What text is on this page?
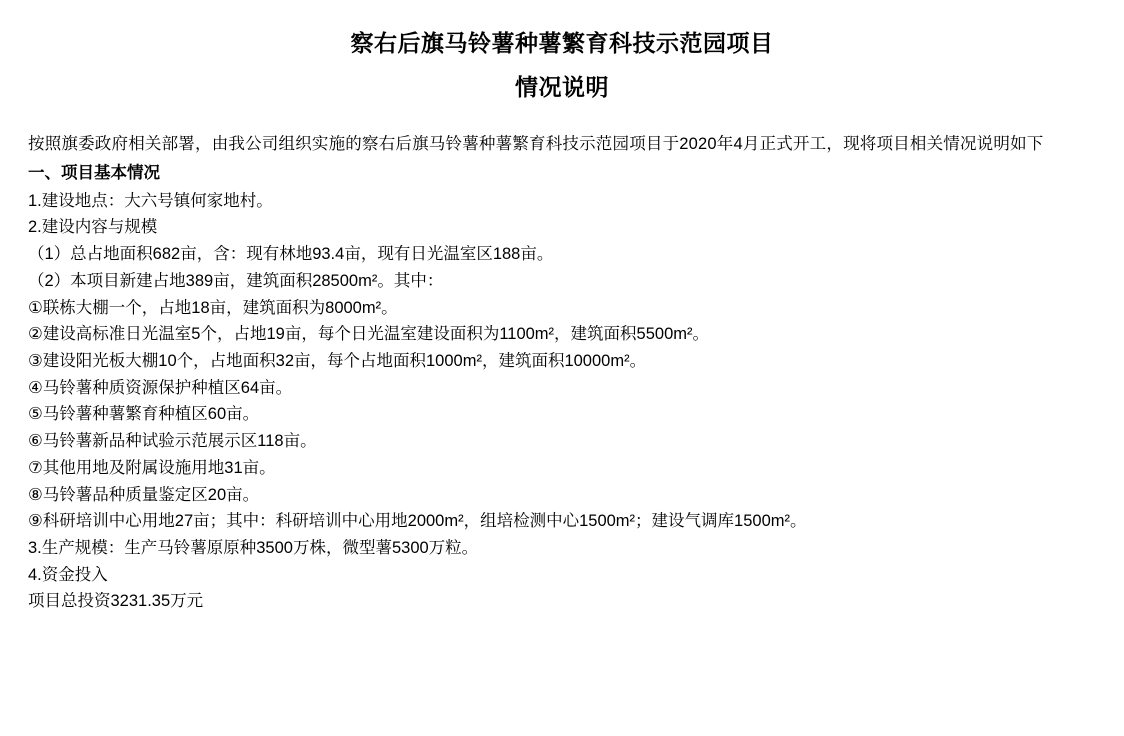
察右后旗马铃薯种薯繁育科技示范园项目
情况说明
按照旗委政府相关部署，由我公司组织实施的察右后旗马铃薯种薯繁育科技示范园项目于2020年4月正式开工，现将项目相关情况说明如下
一、项目基本情况
1.建设地点：大六号镇何家地村。
2.建设内容与规模
（1）总占地面积682亩，含：现有林地93.4亩，现有日光温室区188亩。
（2）本项目新建占地389亩，建筑面积28500m²。其中：
①联栋大棚一个，占地18亩，建筑面积为8000m²。
②建设高标准日光温室5个，占地19亩，每个日光温室建设面积为1100m²，建筑面积5500m²。
③建设阳光板大棚10个，占地面积32亩，每个占地面积1000m²，建筑面积10000m²。
④马铃薯种质资源保护种植区64亩。
⑤马铃薯种薯繁育种植区60亩。
⑥马铃薯新品种试验示范展示区118亩。
⑦其他用地及附属设施用地31亩。
⑧马铃薯品种质量鉴定区20亩。
⑨科研培训中心用地27亩；其中：科研培训中心用地2000m²，组培检测中心1500m²；建设气调库1500m²。
3.生产规模：生产马铃薯原原种3500万株，微型薯5300万粒。
4.资金投入
项目总投资3231.35万元
